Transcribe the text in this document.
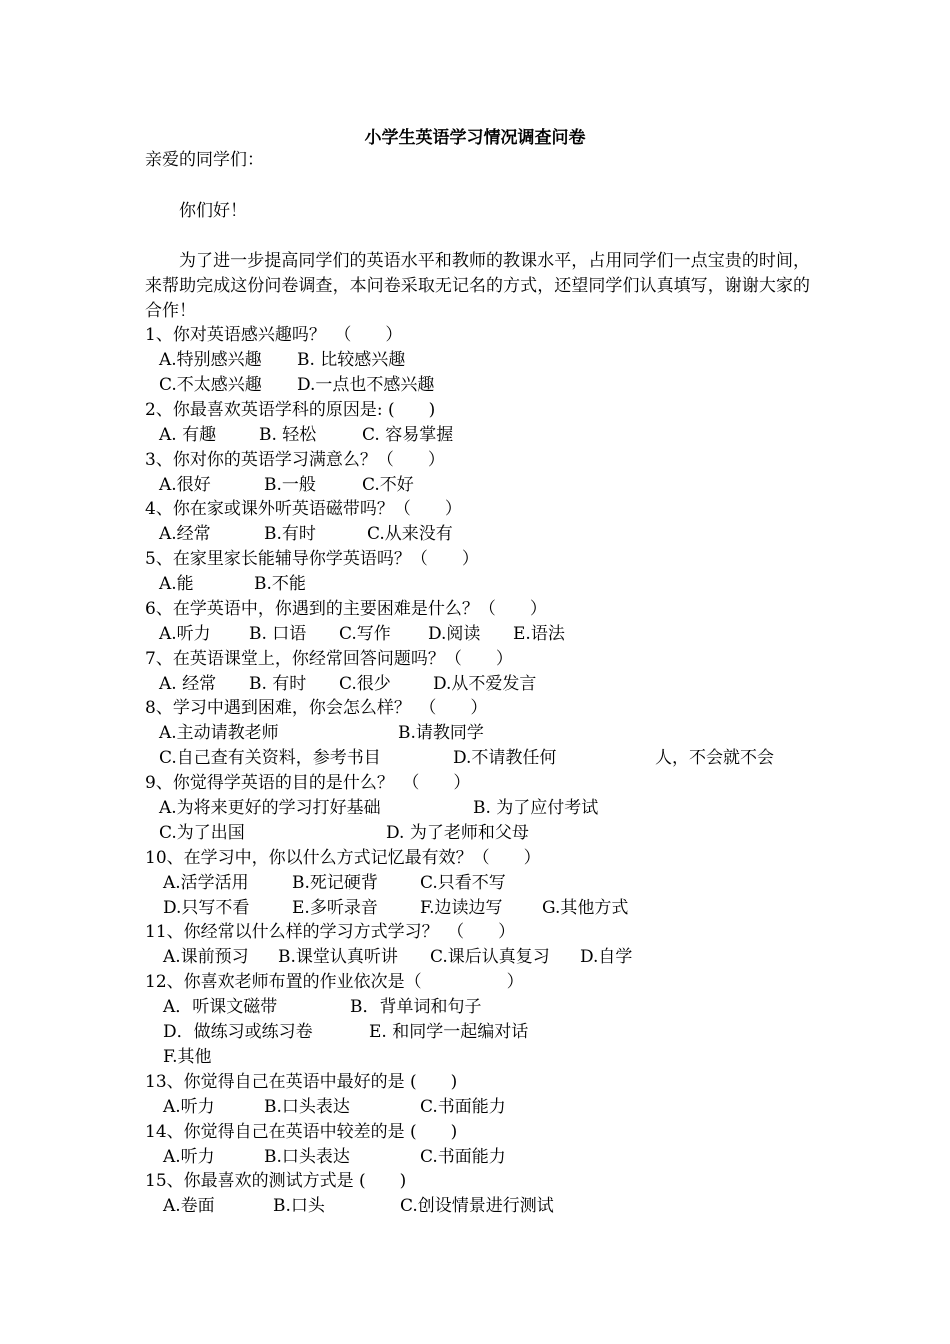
小学生英语学习情况调查问卷
亲爱的同学们：
你们好！
为了进一步提高同学们的英语水平和教师的教课水平，占用同学们一点宝贵的时间，来帮助完成这份问卷调查，本问卷采取无记名的方式，还望同学们认真填写，谢谢大家的合作！
1、你对英语感兴趣吗？　（　　）
A.特别感兴趣 B. 比较感兴趣
C.不太感兴趣 D.一点也不感兴趣
2、你最喜欢英语学科的原因是: (　　)
A. 有趣	B. 轻松	C. 容易掌握
3、你对你的英语学习满意么？（　　）
A.很好	B.一般	C.不好
4、你在家或课外听英语磁带吗？（　　）
A.经常	B.有时	C.从来没有
5、在家里家长能辅导你学英语吗？（　　）
A.能	B.不能
6、在学英语中，你遇到的主要困难是什么？（　　）
A.听力 B. 口语 C.写作 D.阅读 E.语法
7、在英语课堂上，你经常回答问题吗？（　　）
A. 经常 B. 有时 C.很少 D.从不爱发言
8、学习中遇到困难，你会怎么样？　（　　）
A.主动请教老师	B.请教同学
C.自己查有关资料，参考书目	D.不请教任何	人，不会就不会
9、你觉得学英语的目的是什么？　（　　）
A.为将来更好的学习打好基础	B. 为了应付考试
C.为了出国	D. 为了老师和父母
10、在学习中，你以什么方式记忆最有效？（　　）
A.活学活用	B.死记硬背 C.只看不写
D.只写不看	E.多听录音 F.边读边写 G.其他方式
11、你经常以什么样的学习方式学习？　（　　）
A.课前预习 B.课堂认真听讲 C.课后认真复习 D.自学
12、你喜欢老师布置的作业依次是（　　　　　）
A．听课文磁带	B．背单词和句子
D．做练习或练习卷	E. 和同学一起编对话
F.其他
13、你觉得自己在英语中最好的是 (　　)
A.听力	B.口头表达	C.书面能力
14、你觉得自己在英语中较差的是 (　　)
A.听力	B.口头表达	C.书面能力
15、你最喜欢的测试方式是 (　　)
A.卷面	B.口头	C.创设情景进行测试
